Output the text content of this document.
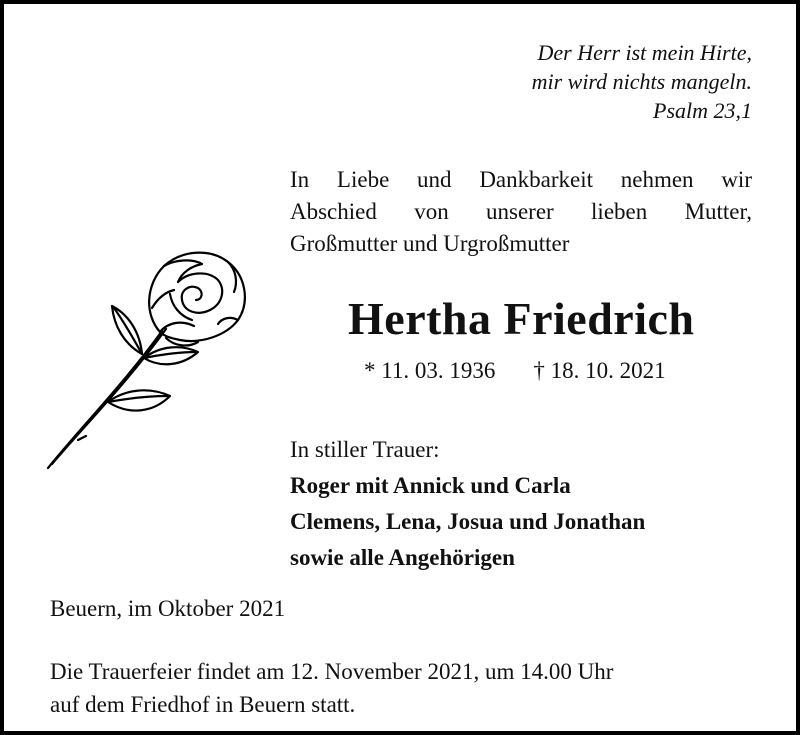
Der Herr ist mein Hirte,
mir wird nichts mangeln.
Psalm 23,1
In Liebe und Dankbarkeit nehmen wir
Abschied von unserer lieben Mutter,
Großmutter und Urgroßmutter
Hertha Friedrich
* 11. 03. 1936 † 18. 10. 2021
In stiller Trauer:
Roger mit Annick und Carla
Clemens, Lena, Josua und Jonathan
sowie alle Angehörigen
Beuern, im Oktober 2021
Die Trauerfeier findet am 12. November 2021, um 14.00 Uhr
auf dem Friedhof in Beuern statt.
